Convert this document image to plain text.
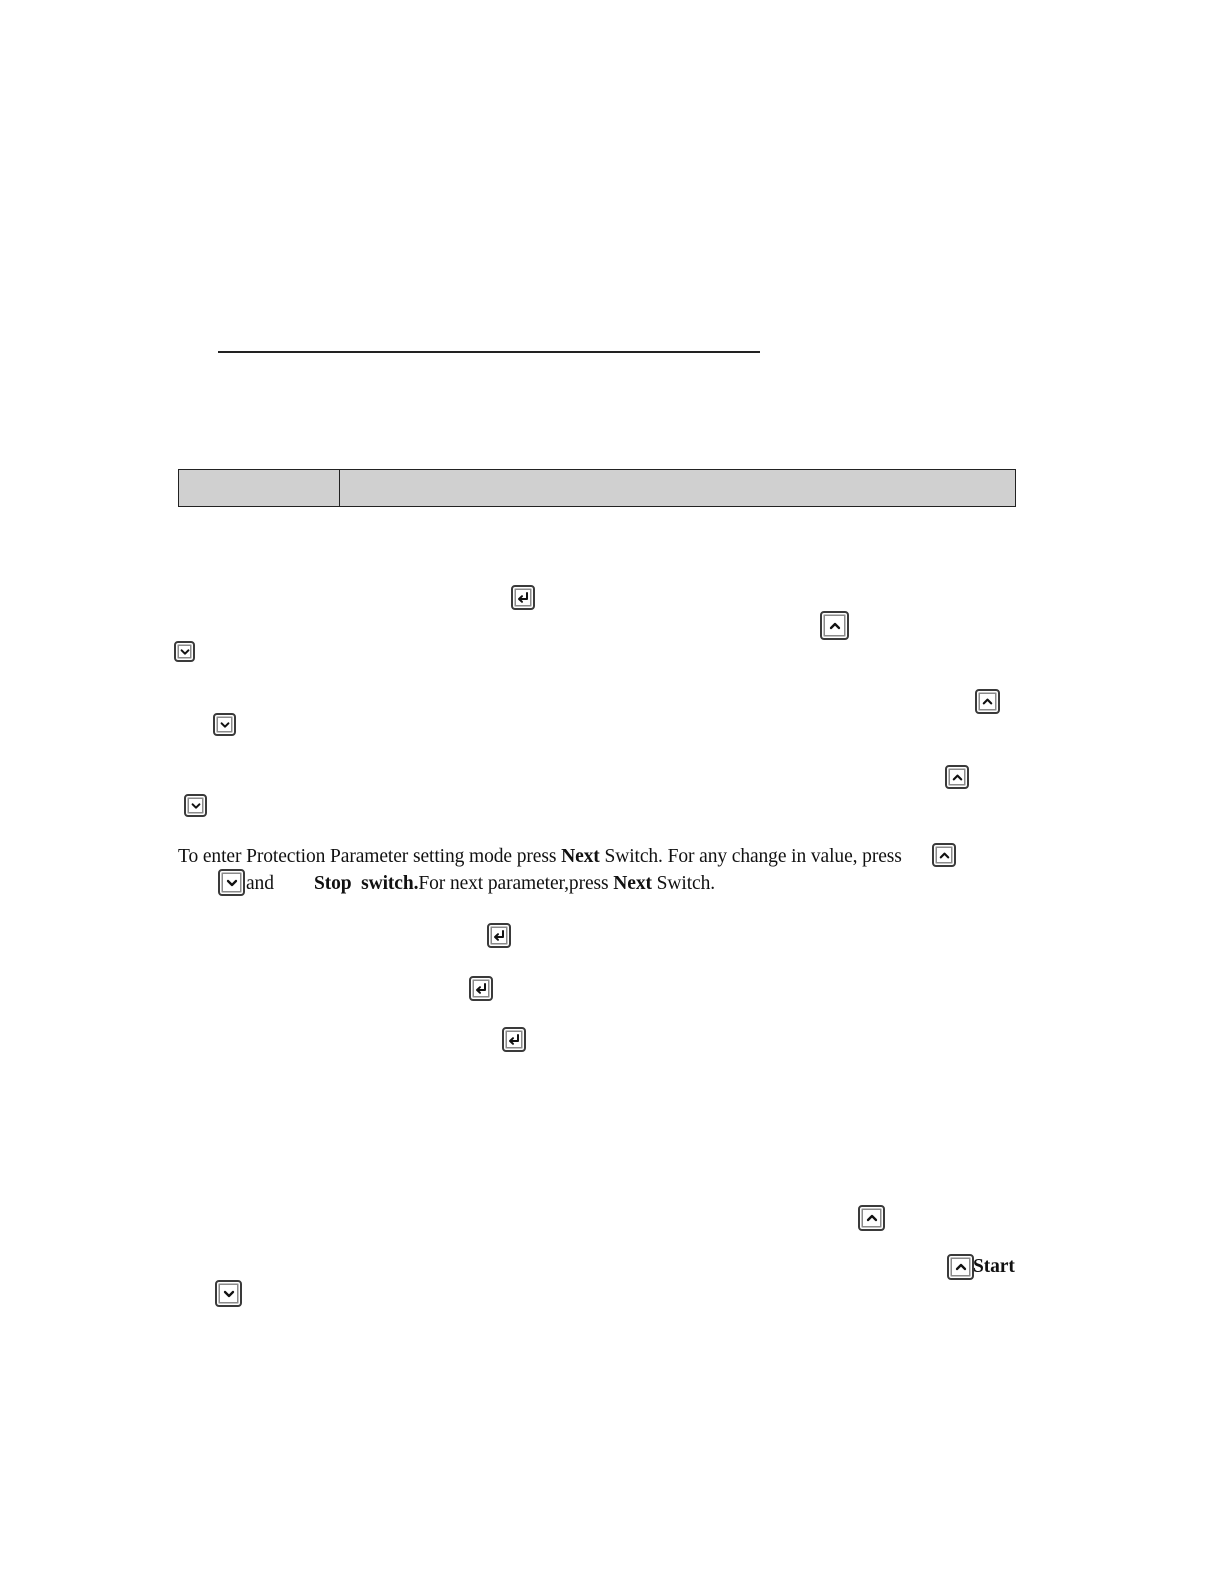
To enter Protection Parameter setting mode press Next Switch. For any change in value, press
and Stop switch.For next parameter,press Next Switch.
Start
